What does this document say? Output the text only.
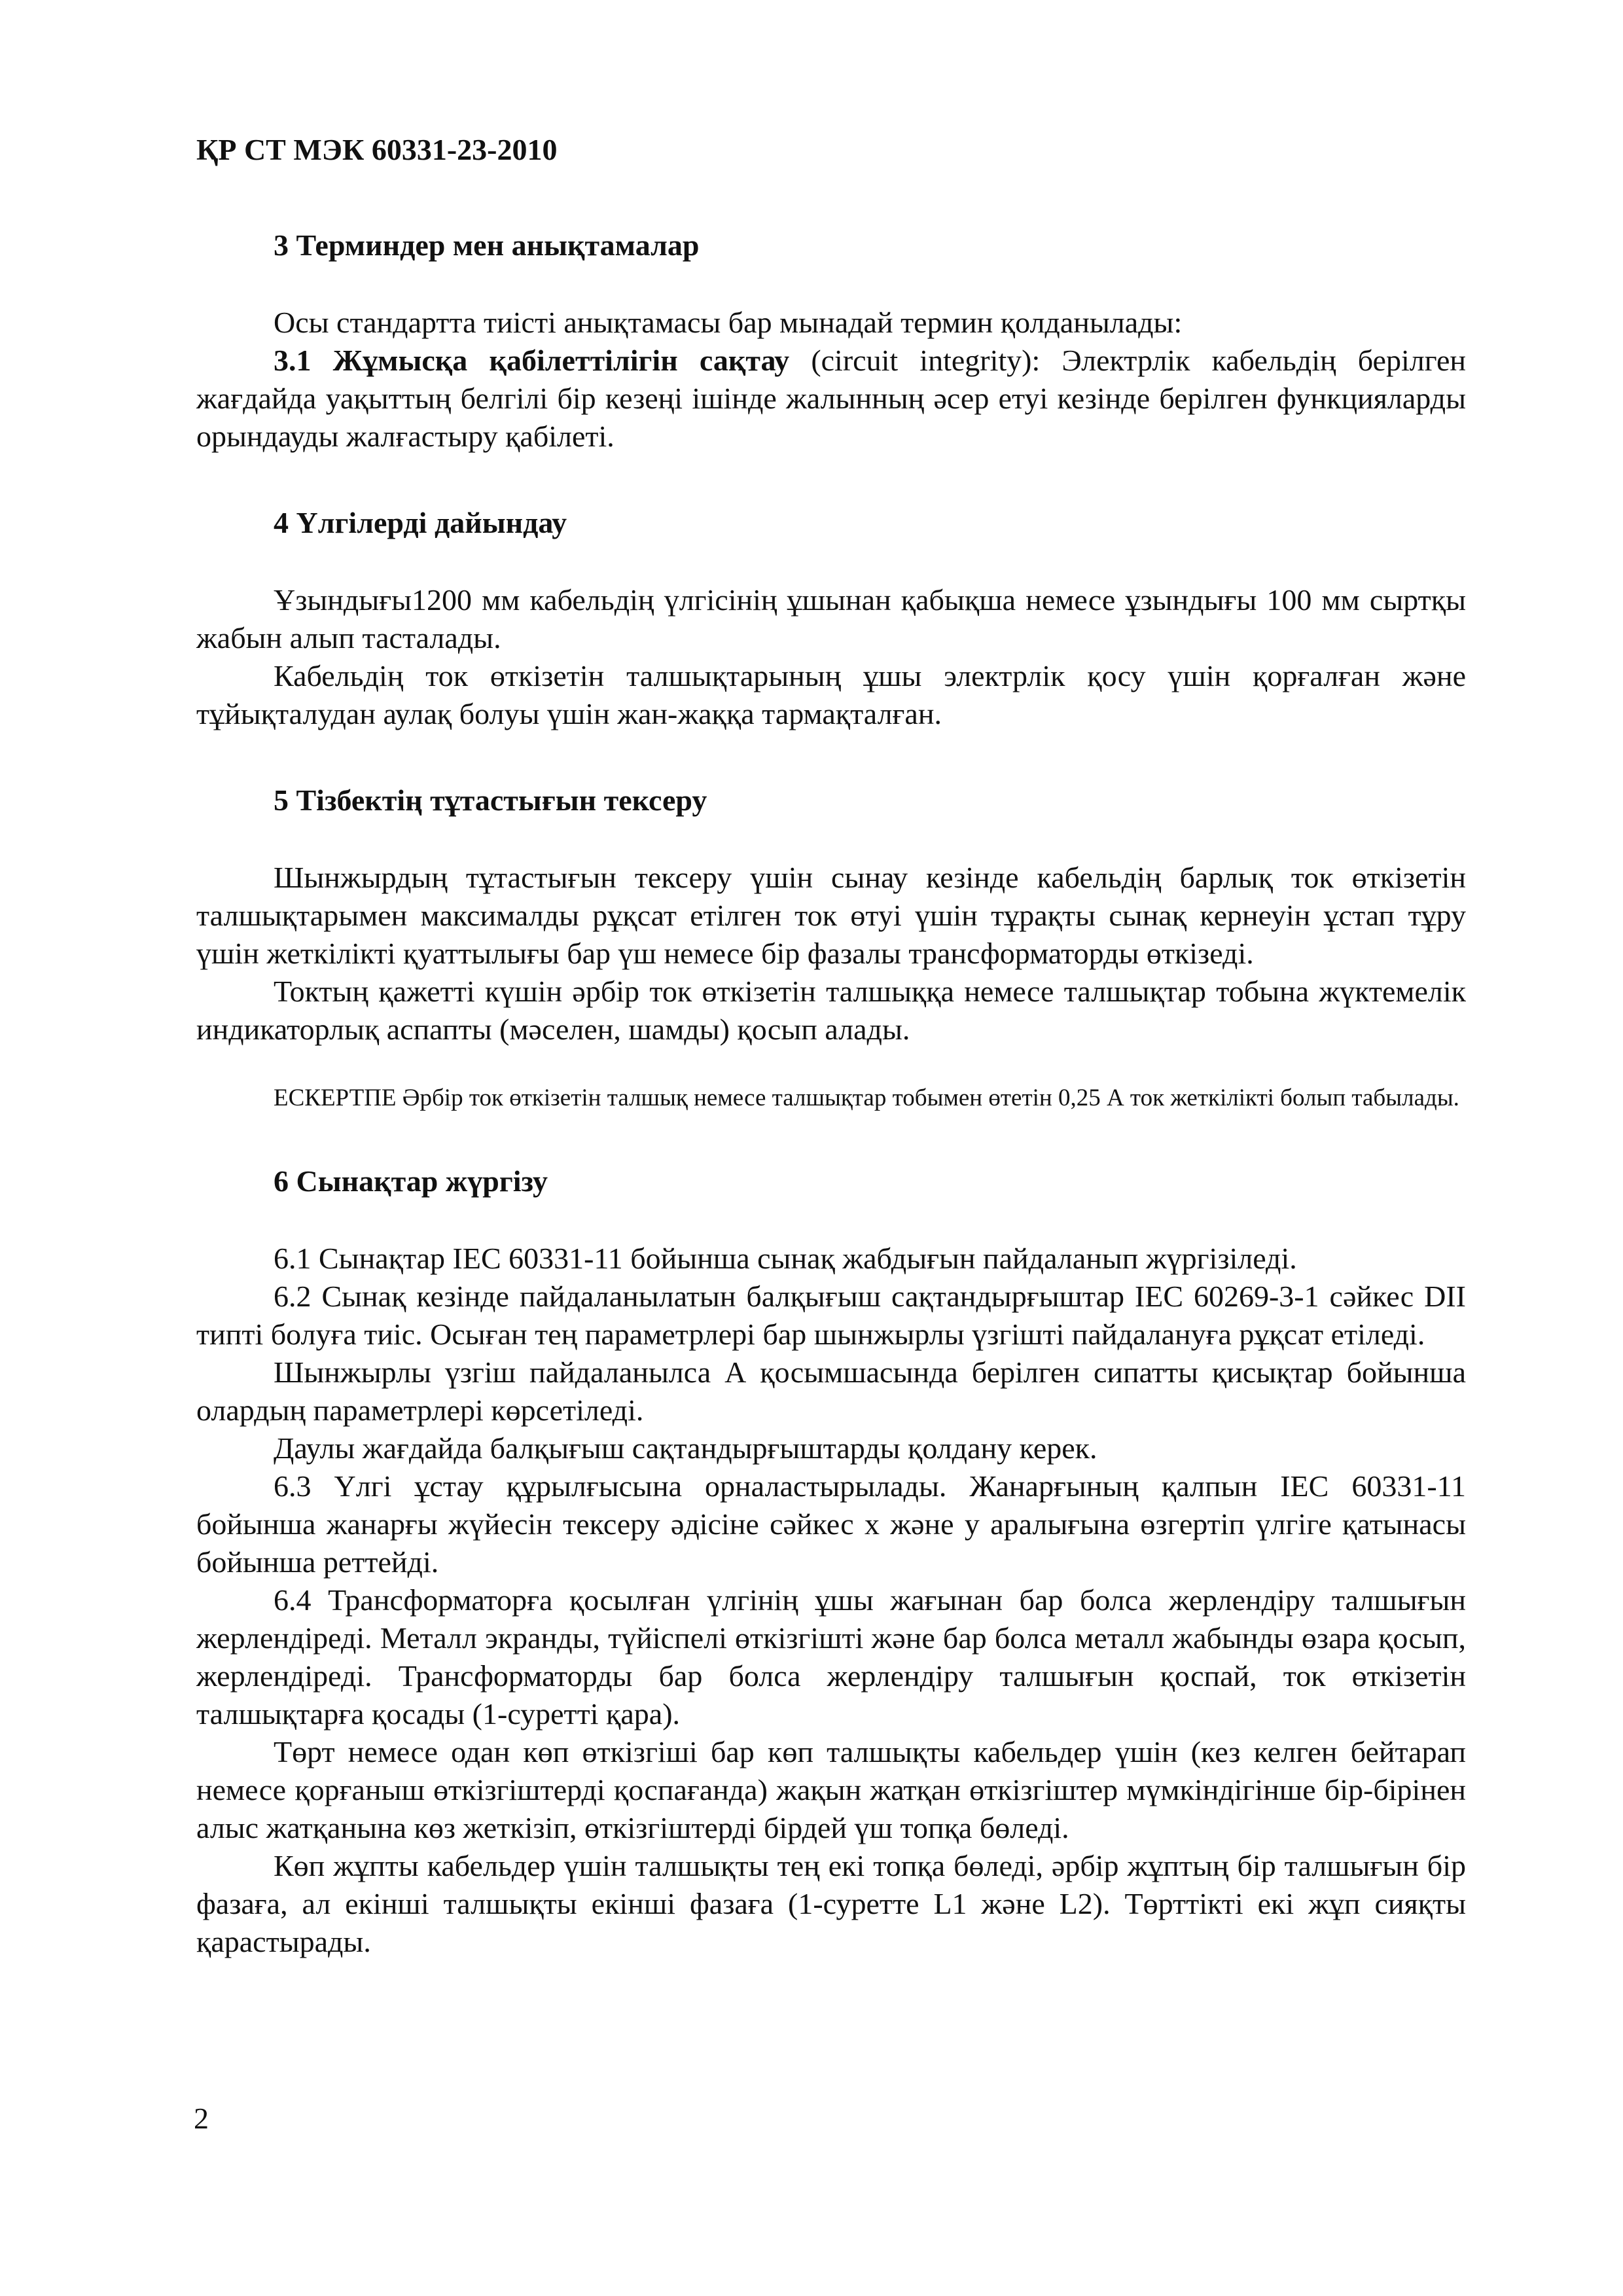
ҚР СТ МЭК 60331-23-2010
3 Терминдер мен анықтамалар

Осы стандартта тиісті анықтамасы бар мынадай термин қолданылады:

3.1 Жұмысқа қабілеттілігін сақтау (circuit integrity): Электрлік кабельдің берілген жағдайда уақыттың белгілі бір кезеңі ішінде жалынның әсер етуі кезінде берілген функцияларды орындауды жалғастыру қабілеті.

4 Үлгілерді дайындау

Ұзындығы1200 мм кабельдің үлгісінің ұшынан қабықша немесе ұзындығы 100 мм сыртқы жабын алып тасталады.

Кабельдің ток өткізетін талшықтарының ұшы электрлік қосу үшін қорғалған және тұйықталудан аулақ болуы үшін жан-жаққа тармақталған.

5 Тізбектің тұтастығын тексеру

Шынжырдың тұтастығын тексеру үшін сынау кезінде кабельдің барлық ток өткізетін талшықтарымен максималды рұқсат етілген ток өтуі үшін тұрақты сынақ кернеуін ұстап тұру үшін жеткілікті қуаттылығы бар үш немесе бір фазалы трансформаторды өткізеді.

Токтың қажетті күшін әрбір ток өткізетін талшыққа немесе талшықтар тобына жүктемелік индикаторлық аспапты (мәселен, шамды) қосып алады.

ЕСКЕРТПЕ Әрбір ток өткізетін талшық немесе талшықтар тобымен өтетін 0,25 А ток жеткілікті болып табылады.

6 Сынақтар жүргізу

6.1 Сынақтар IEC 60331-11 бойынша сынақ жабдығын пайдаланып жүргізіледі.

6.2 Сынақ кезінде пайдаланылатын балқығыш сақтандырғыштар IEC 60269-3-1 сәйкес DII типті болуға тиіс. Осыған тең параметрлері бар шынжырлы үзгішті пайдалануға рұқсат етіледі.

Шынжырлы үзгіш пайдаланылса А қосымшасында берілген сипатты қисықтар бойынша олардың параметрлері көрсетіледі.

Даулы жағдайда балқығыш сақтандырғыштарды қолдану керек.

6.3 Үлгі ұстау құрылғысына орналастырылады. Жанарғының қалпын IEC 60331-11 бойынша жанарғы жүйесін тексеру әдісіне сәйкес x және y аралығына өзгертіп үлгіге қатынасы бойынша реттейді.

6.4 Трансформаторға қосылған үлгінің ұшы жағынан бар болса жерлендіру талшығын жерлендіреді. Металл экранды, түйіспелі өткізгішті және бар болса металл жабынды өзара қосып, жерлендіреді. Трансформаторды бар болса жерлендіру талшығын қоспай, ток өткізетін талшықтарға қосады (1-суретті қара).

Төрт немесе одан көп өткізгіші бар көп талшықты кабельдер үшін (кез келген бейтарап немесе қорғаныш өткізгіштерді қоспағанда) жақын жатқан өткізгіштер мүмкіндігінше бір-бірінен алыс жатқанына көз жеткізіп, өткізгіштерді бірдей үш топқа бөледі.

Көп жұпты кабельдер үшін талшықты тең екі топқа бөледі, әрбір жұптың бір талшығын бір фазаға, ал екінші талшықты екінші фазаға (1-суретте L1 және L2). Төрттікті екі жұп сияқты қарастырады.

2
